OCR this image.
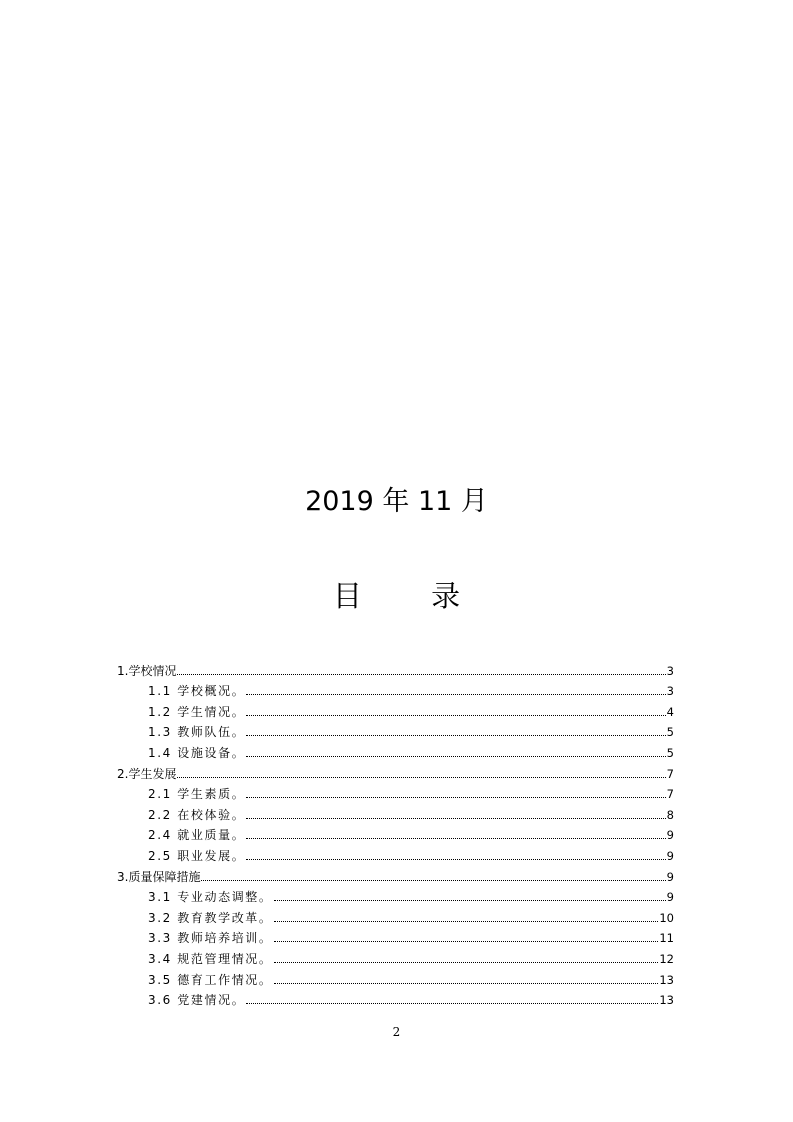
2019 年 11 月
目 录
1.学校情况	3
1.1 学校概况。	3
1.2 学生情况。	4
1.3 教师队伍。	5
1.4 设施设备。	5
2.学生发展	7
2.1 学生素质。	7
2.2 在校体验。	8
2.4 就业质量。	9
2.5 职业发展。	9
3.质量保障措施	9
3.1 专业动态调整。	9
3.2 教育教学改革。	10
3.3 教师培养培训。	11
3.4 规范管理情况。	12
3.5 德育工作情况。	13
3.6 党建情况。	13
2
